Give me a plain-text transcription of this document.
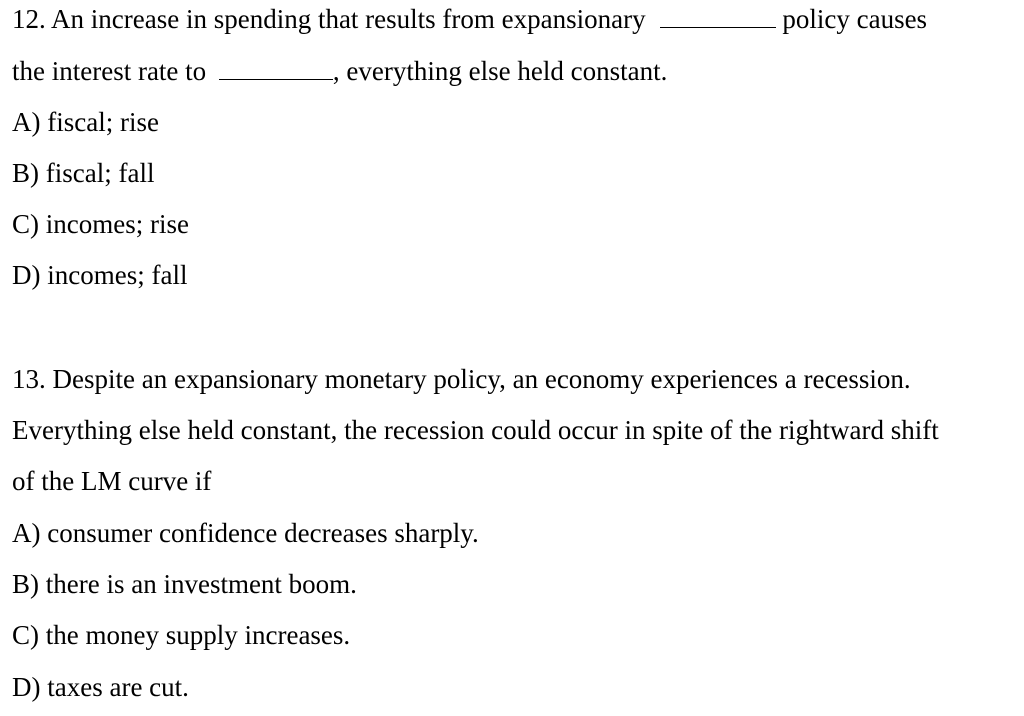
12. An increase in spending that results from expansionary	policy causes
the interest rate to	, everything else held constant.
A) fiscal; rise
B) fiscal; fall
C) incomes; rise
D) incomes; fall
13. Despite an expansionary monetary policy, an economy experiences a recession.
Everything else held constant, the recession could occur in spite of the rightward shift
of the LM curve if
A) consumer confidence decreases sharply.
B) there is an investment boom.
C) the money supply increases.
D) taxes are cut.
